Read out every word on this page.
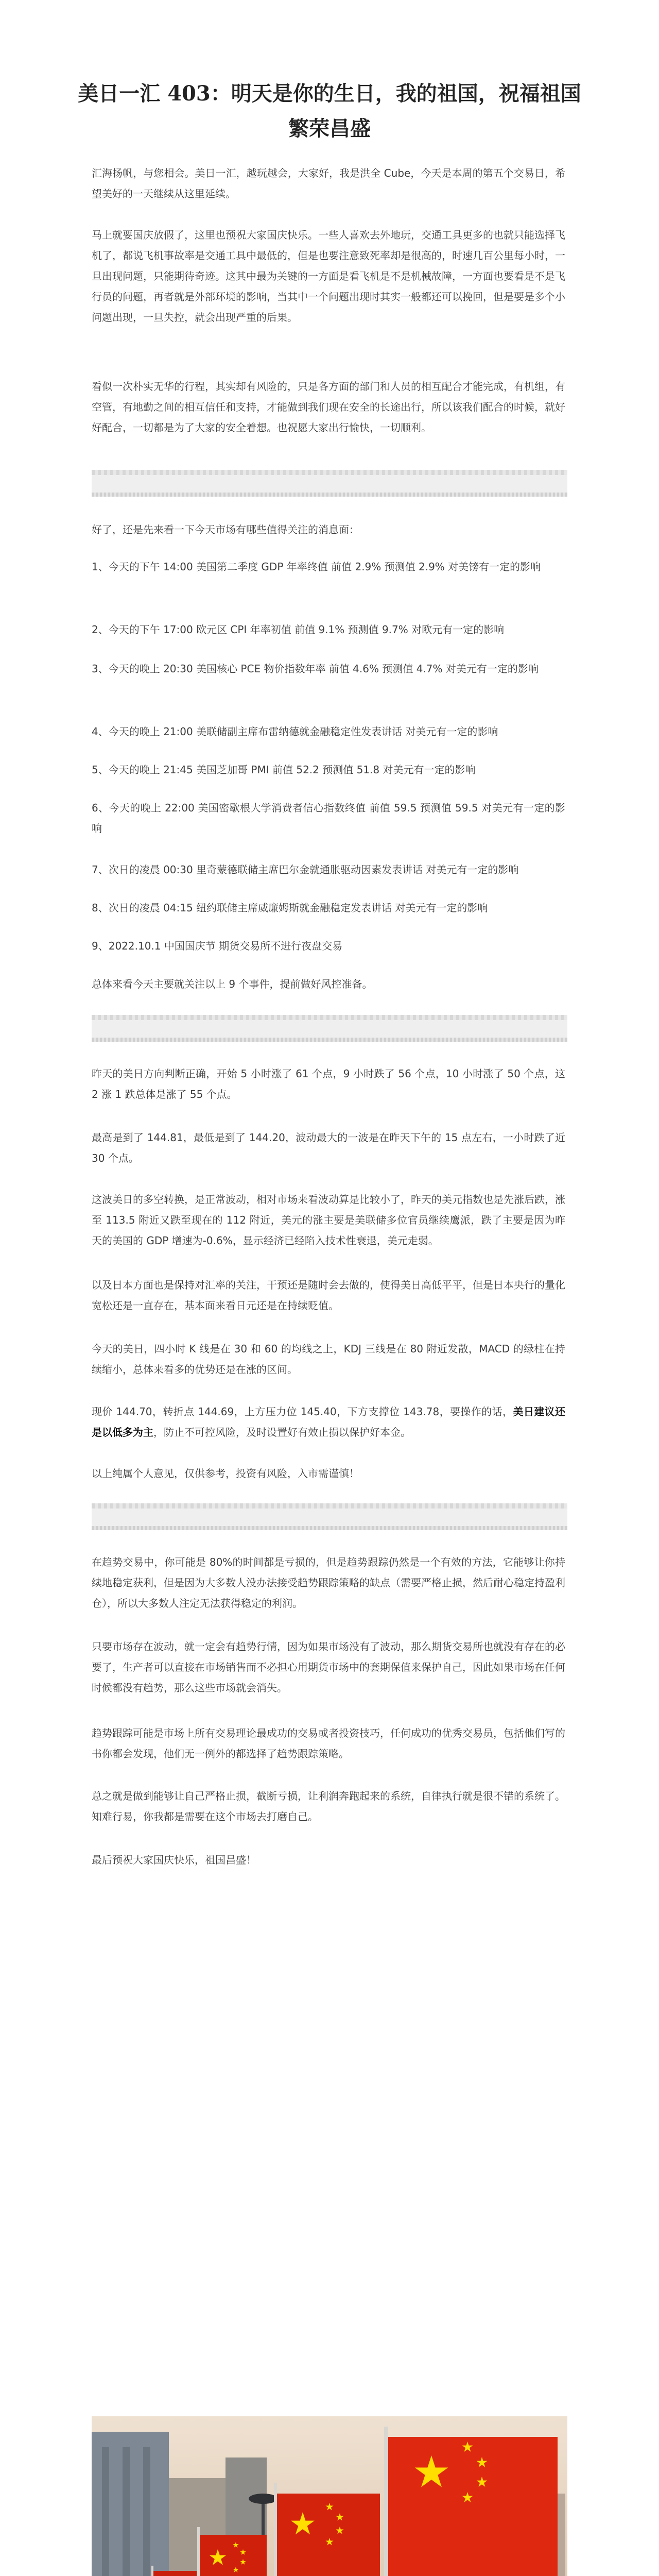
美日一汇 403：明天是你的生日，我的祖国，祝福祖国繁荣昌盛

汇海扬帆，与您相会。美日一汇，越玩越会，大家好，我是洪全 Cube，今天是本周的第五个交易日，希望美好的一天继续从这里延续。

马上就要国庆放假了，这里也预祝大家国庆快乐。一些人喜欢去外地玩，交通工具更多的也就只能选择飞机了，都说飞机事故率是交通工具中最低的，但是也要注意致死率却是很高的，时速几百公里每小时，一旦出现问题，只能期待奇迹。这其中最为关键的一方面是看飞机是不是机械故障，一方面也要看是不是飞行员的问题，再者就是外部环境的影响，当其中一个问题出现时其实一般都还可以挽回，但是要是多个小问题出现，一旦失控，就会出现严重的后果。

看似一次朴实无华的行程，其实却有风险的，只是各方面的部门和人员的相互配合才能完成，有机组，有空管，有地勤之间的相互信任和支持，才能做到我们现在安全的长途出行，所以该我们配合的时候，就好好配合，一切都是为了大家的安全着想。也祝愿大家出行愉快，一切顺利。

好了，还是先来看一下今天市场有哪些值得关注的消息面：

1、今天的下午 14:00 美国第二季度 GDP 年率终值 前值 2.9% 预测值 2.9% 对美镑有一定的影响

2、今天的下午 17:00 欧元区 CPI 年率初值 前值 9.1% 预测值 9.7% 对欧元有一定的影响

3、今天的晚上 20:30 美国核心 PCE 物价指数年率 前值 4.6% 预测值 4.7% 对美元有一定的影响

4、今天的晚上 21:00 美联储副主席布雷纳德就金融稳定性发表讲话 对美元有一定的影响

5、今天的晚上 21:45 美国芝加哥 PMI 前值 52.2 预测值 51.8 对美元有一定的影响

6、今天的晚上 22:00 美国密歇根大学消费者信心指数终值 前值 59.5 预测值 59.5 对美元有一定的影响

7、次日的凌晨 00:30 里奇蒙德联储主席巴尔金就通胀驱动因素发表讲话 对美元有一定的影响

8、次日的凌晨 04:15 纽约联储主席威廉姆斯就金融稳定发表讲话 对美元有一定的影响

9、2022.10.1 中国国庆节 期货交易所不进行夜盘交易

总体来看今天主要就关注以上 9 个事件，提前做好风控准备。

昨天的美日方向判断正确，开始 5 小时涨了 61 个点，9 小时跌了 56 个点，10 小时涨了 50 个点，这 2 涨 1 跌总体是涨了 55 个点。

最高是到了 144.81，最低是到了 144.20，波动最大的一波是在昨天下午的 15 点左右，一小时跌了近 30 个点。

这波美日的多空转换，是正常波动，相对市场来看波动算是比较小了，昨天的美元指数也是先涨后跌，涨至 113.5 附近又跌至现在的 112 附近，美元的涨主要是美联储多位官员继续鹰派，跌了主要是因为昨天的美国的 GDP 增速为-0.6%，显示经济已经陷入技术性衰退，美元走弱。

以及日本方面也是保持对汇率的关注，干预还是随时会去做的，使得美日高低平平，但是日本央行的量化宽松还是一直存在，基本面来看日元还是在持续贬值。

今天的美日，四小时 K 线是在 30 和 60 的均线之上，KDJ 三线是在 80 附近发散，MACD 的绿柱在持续缩小，总体来看多的优势还是在涨的区间。

现价 144.70，转折点 144.69，上方压力位 145.40，下方支撑位 143.78，要操作的话，美日建议还是以低多为主，防止不可控风险，及时设置好有效止损以保护好本金。

以上纯属个人意见，仅供参考，投资有风险，入市需谨慎！

在趋势交易中，你可能是 80%的时间都是亏损的，但是趋势跟踪仍然是一个有效的方法，它能够让你持续地稳定获利，但是因为大多数人没办法接受趋势跟踪策略的缺点（需要严格止损，然后耐心稳定持盈利仓），所以大多数人注定无法获得稳定的利润。

只要市场存在波动，就一定会有趋势行情，因为如果市场没有了波动，那么期货交易所也就没有存在的必要了，生产者可以直接在市场销售而不必担心用期货市场中的套期保值来保护自己，因此如果市场在任何时候都没有趋势，那么这些市场就会消失。

趋势跟踪可能是市场上所有交易理论最成功的交易或者投资技巧，任何成功的优秀交易员，包括他们写的书你都会发现，他们无一例外的都选择了趋势跟踪策略。

总之就是做到能够让自己严格止损，截断亏损，让利润奔跑起来的系统，自律执行就是很不错的系统了。知难行易，你我都是需要在这个市场去打磨自己。

最后预祝大家国庆快乐，祖国昌盛！
